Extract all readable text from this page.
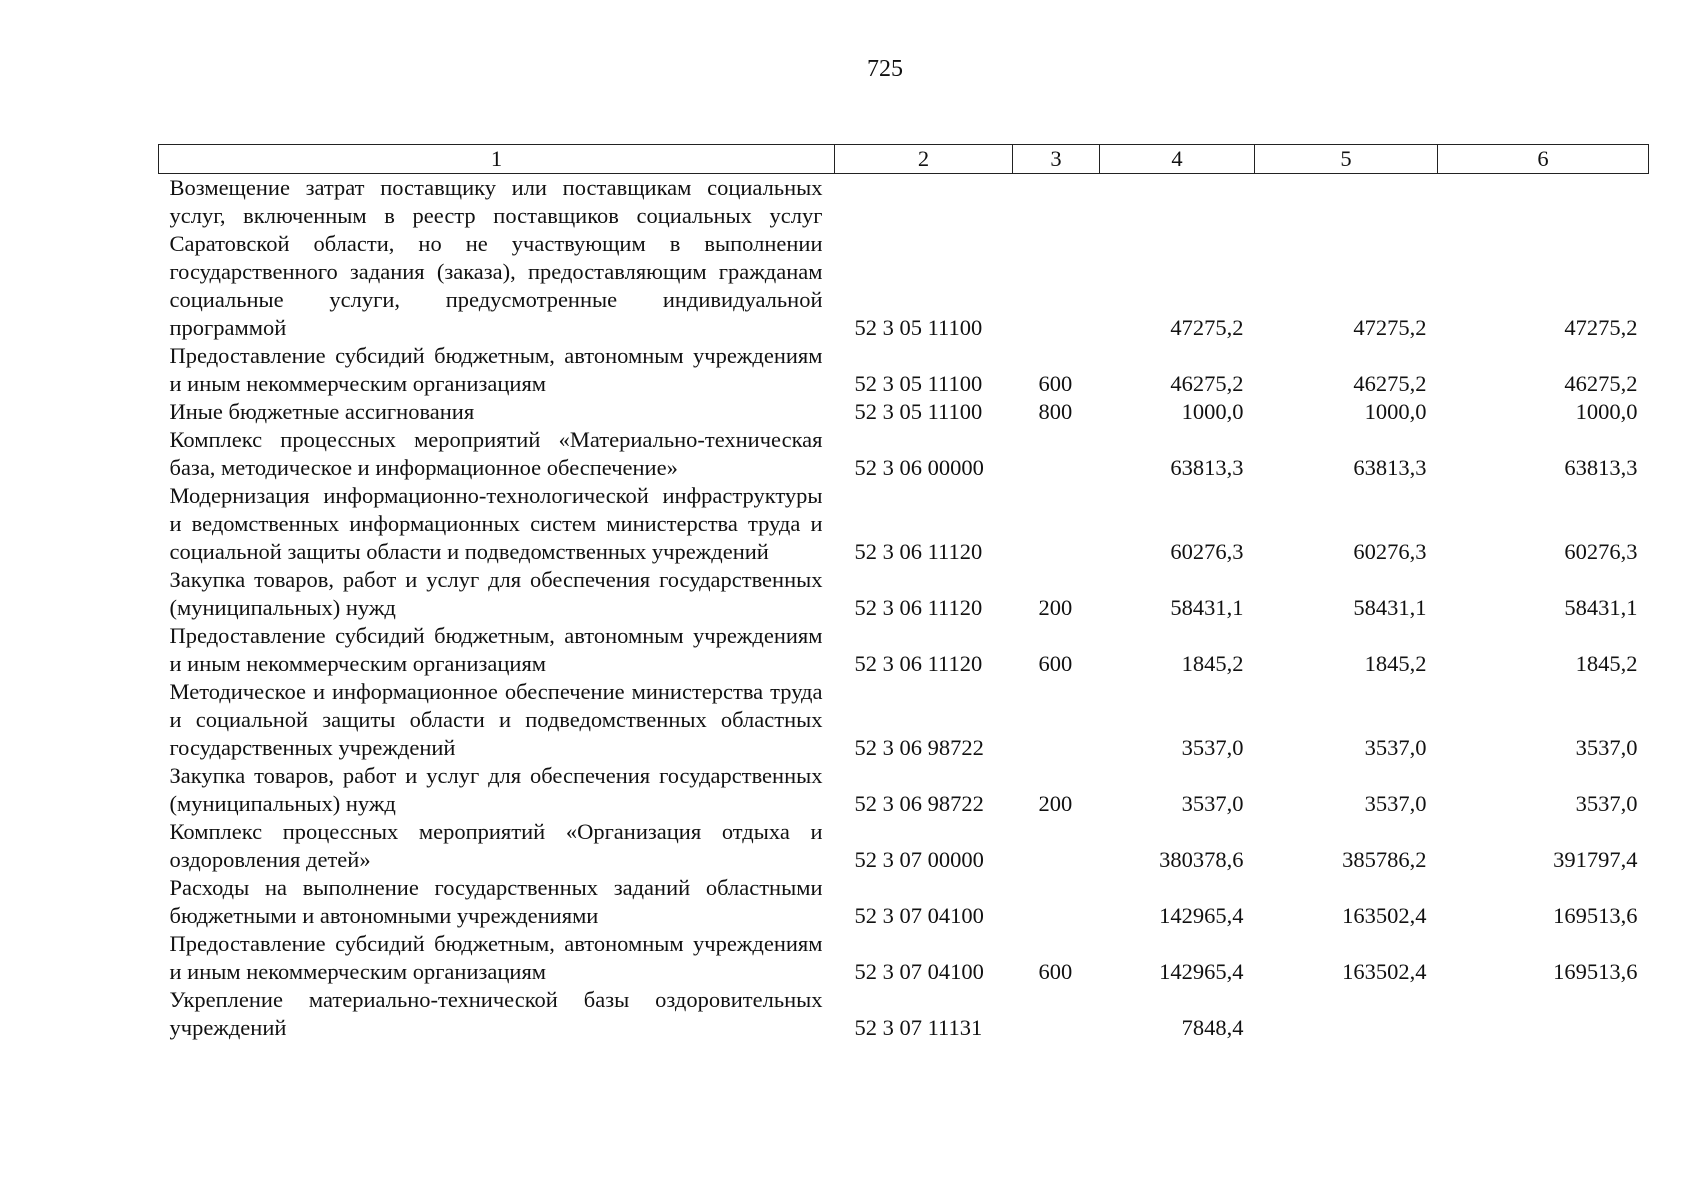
725
1	2	3	4	5	6
Возмещение затрат поставщику или поставщикам социальных услуг, включенным в реестр поставщиков социальных услуг Саратовской области, но не участвующим в выполнении государственного задания (заказа), предоставляющим гражданам социальные услуги, предусмотренные индивидуальной программой	52 3 05 11100		47275,2	47275,2	47275,2
Предоставление субсидий бюджетным, автономным учреждениям и иным некоммерческим организациям	52 3 05 11100	600	46275,2	46275,2	46275,2
Иные бюджетные ассигнования	52 3 05 11100	800	1000,0	1000,0	1000,0
Комплекс процессных мероприятий «Материально-техническая база, методическое и информационное обеспечение»	52 3 06 00000		63813,3	63813,3	63813,3
Модернизация информационно-технологической инфраструктуры и ведомственных информационных систем министерства труда и социальной защиты области и подведомственных учреждений	52 3 06 11120		60276,3	60276,3	60276,3
Закупка товаров, работ и услуг для обеспечения государственных (муниципальных) нужд	52 3 06 11120	200	58431,1	58431,1	58431,1
Предоставление субсидий бюджетным, автономным учреждениям и иным некоммерческим организациям	52 3 06 11120	600	1845,2	1845,2	1845,2
Методическое и информационное обеспечение министерства труда и социальной защиты области и подведомственных областных государственных учреждений	52 3 06 98722		3537,0	3537,0	3537,0
Закупка товаров, работ и услуг для обеспечения государственных (муниципальных) нужд	52 3 06 98722	200	3537,0	3537,0	3537,0
Комплекс процессных мероприятий «Организация отдыха и оздоровления детей»	52 3 07 00000		380378,6	385786,2	391797,4
Расходы на выполнение государственных заданий областными бюджетными и автономными учреждениями	52 3 07 04100		142965,4	163502,4	169513,6
Предоставление субсидий бюджетным, автономным учреждениям и иным некоммерческим организациям	52 3 07 04100	600	142965,4	163502,4	169513,6
Укрепление материально-технической базы оздоровительных учреждений	52 3 07 11131		7848,4		
